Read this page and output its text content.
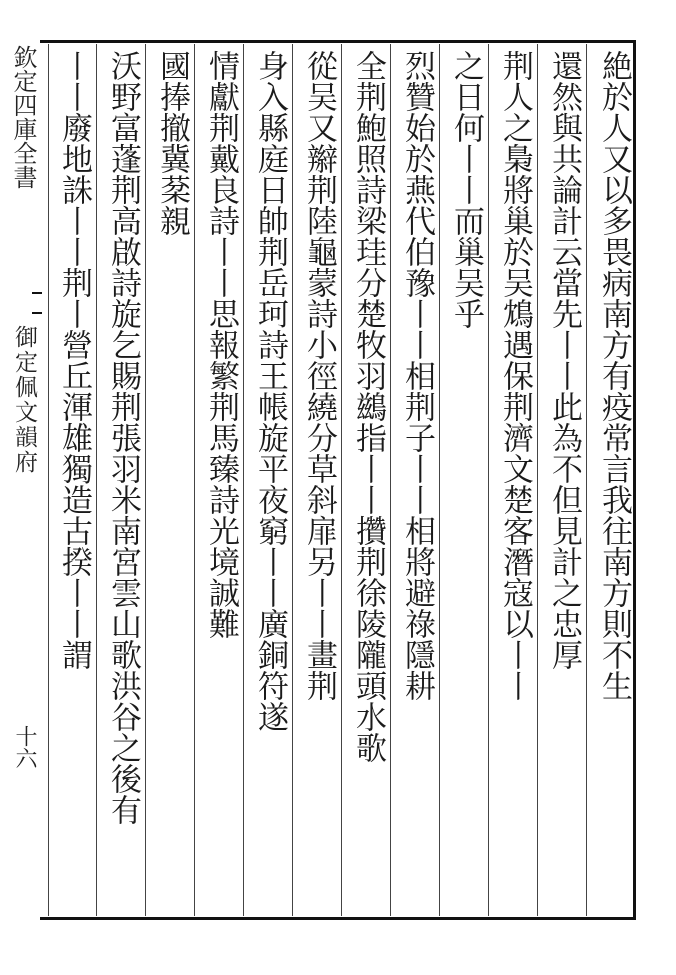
欽定四庫全書
御定佩文韻府
十六
絶於人又以多畏病南方有疫常言我往南方則不生
還然與共論計云當先丨丨此為不但見計之忠厚
荆人之梟將巢於吴鴆遇保荆濟文楚客潛寇以丨丨
之日何丨丨而巢吴乎
烈贊始於燕代伯豫丨丨相荆子丨丨相將避祿隱耕
全荆鮑照詩梁珪分楚牧羽鷀指丨丨攢荆徐陵隴頭水歌
從吴又辮荆陸龜蒙詩小徑繞分草斜扉另丨丨畫荆
身入縣庭日帥荆岳珂詩王帳旋平夜窮丨丨廣銅符遂
情獻荆戴良詩丨丨思報繁荆馬臻詩光境誠難
國捧撤冀棻親
沃野富蓬荆高啟詩旋乞賜荆張羽米南宮雲山歌洪谷之後有
丨丨廢地誅丨丨荆丨營丘渾雄獨造古揆丨丨謂
